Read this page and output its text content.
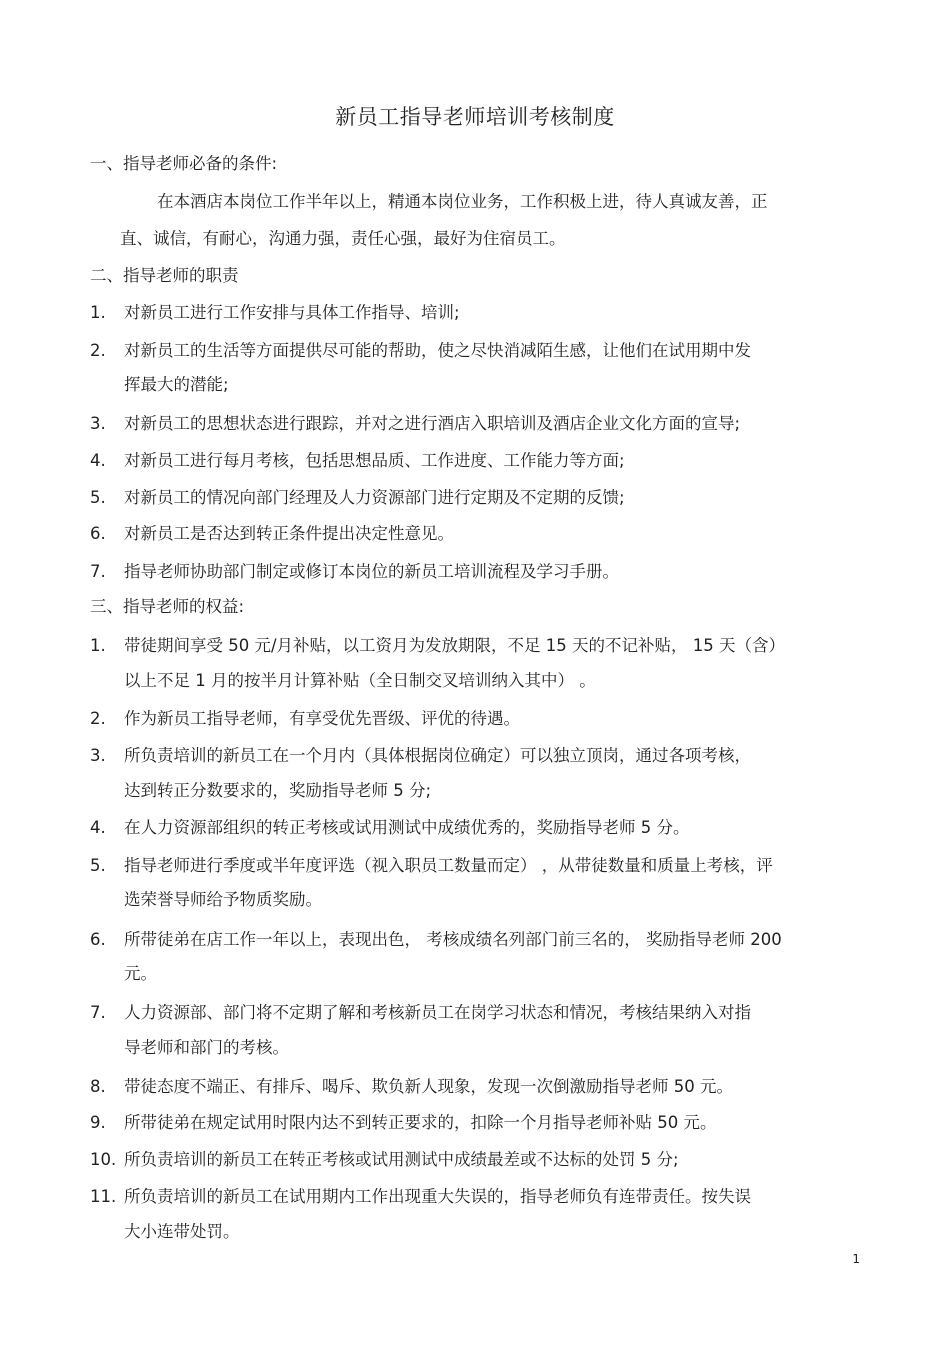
新员工指导老师培训考核制度
一、指导老师必备的条件:
在本酒店本岗位工作半年以上，精通本岗位业务，工作积极上进，待人真诚友善，正
直、诚信，有耐心，沟通力强，责任心强，最好为住宿员工。
二、指导老师的职责
1.	对新员工进行工作安排与具体工作指导、培训;
2.	对新员工的生活等方面提供尽可能的帮助，使之尽快消减陌生感，让他们在试用期中发
挥最大的潜能;
3.	对新员工的思想状态进行跟踪，并对之进行酒店入职培训及酒店企业文化方面的宣导;
4.	对新员工进行每月考核，包括思想品质、工作进度、工作能力等方面;
5.	对新员工的情况向部门经理及人力资源部门进行定期及不定期的反馈;
6.	对新员工是否达到转正条件提出决定性意见。
7.	指导老师协助部门制定或修订本岗位的新员工培训流程及学习手册。
三、指导老师的权益:
1.	带徒期间享受 50 元/月补贴，以工资月为发放期限，不足 15 天的不记补贴， 15 天（含）
以上不足 1 月的按半月计算补贴（全日制交叉培训纳入其中） 。
2.	作为新员工指导老师，有享受优先晋级、评优的待遇。
3.	所负责培训的新员工在一个月内（具体根据岗位确定）可以独立顶岗，通过各项考核，
达到转正分数要求的，奖励指导老师 5 分;
4.	在人力资源部组织的转正考核或试用测试中成绩优秀的，奖励指导老师 5 分。
5.	指导老师进行季度或半年度评选（视入职员工数量而定） ，从带徒数量和质量上考核，评
选荣誉导师给予物质奖励。
6.	所带徒弟在店工作一年以上，表现出色， 考核成绩名列部门前三名的， 奖励指导老师 200
元。
7.	人力资源部、部门将不定期了解和考核新员工在岗学习状态和情况，考核结果纳入对指
导老师和部门的考核。
8.	带徒态度不端正、有排斥、喝斥、欺负新人现象，发现一次倒激励指导老师 50 元。
9.	所带徒弟在规定试用时限内达不到转正要求的，扣除一个月指导老师补贴 50 元。
10. 所负责培训的新员工在转正考核或试用测试中成绩最差或不达标的处罚 5 分;
11. 所负责培训的新员工在试用期内工作出现重大失误的，指导老师负有连带责任。按失误
大小连带处罚。
1
